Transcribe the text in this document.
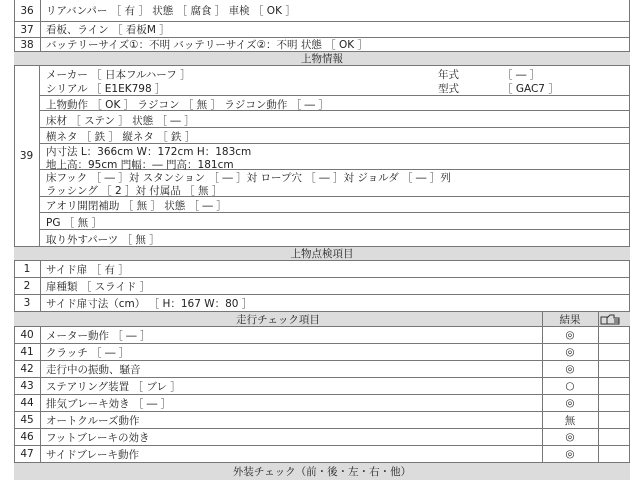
36	リアバンパー ［ 有 ］ 状態 ［ 腐食 ］ 車検 ［ OK ］
37	看板、ライン ［ 看板M ］
38	バッテリーサイズ①：不明 バッテリーサイズ②：不明 状態 ［ OK ］
上物情報
39
メーカー ［ 日本フルハーフ ］	年式	［ ― ］
シリアル ［ E1EK798 ］	型式	［ GAC7 ］
上物動作 ［ OK ］ ラジコン ［ 無 ］ ラジコン動作 ［ ― ］
床材 ［ ステン ］ 状態 ［ ― ］
横ネタ ［ 鉄 ］ 縦ネタ ［ 鉄 ］
内寸法 L：366cm W：172cm H：183cm
地上高：95cm 門幅：― 門高：181cm
床フック ［ ― ］対 スタンション ［ ― ］対 ロープ穴 ［ ― ］対 ジョルダ ［ ― ］列
ラッシング ［ 2 ］対 付属品 ［ 無 ］
アオリ開閉補助 ［ 無 ］ 状態 ［ ― ］
PG ［ 無 ］
取り外すパーツ ［ 無 ］
上物点検項目
1	サイド扉 ［ 有 ］
2	扉種類 ［ スライド ］
3	サイド扉寸法（cm） ［ H：167 W：80 ］
走行チェック項目	結果
40	メーター動作 ［ ― ］	◎
41	クラッチ ［ ― ］	◎
42	走行中の振動、騒音	◎
43	ステアリング装置 ［ ブレ ］	○
44	排気ブレーキ効き ［ ― ］	◎
45	オートクルーズ動作	無
46	フットブレーキの効き	◎
47	サイドブレーキ動作	◎
外装チェック（前・後・左・右・他）
